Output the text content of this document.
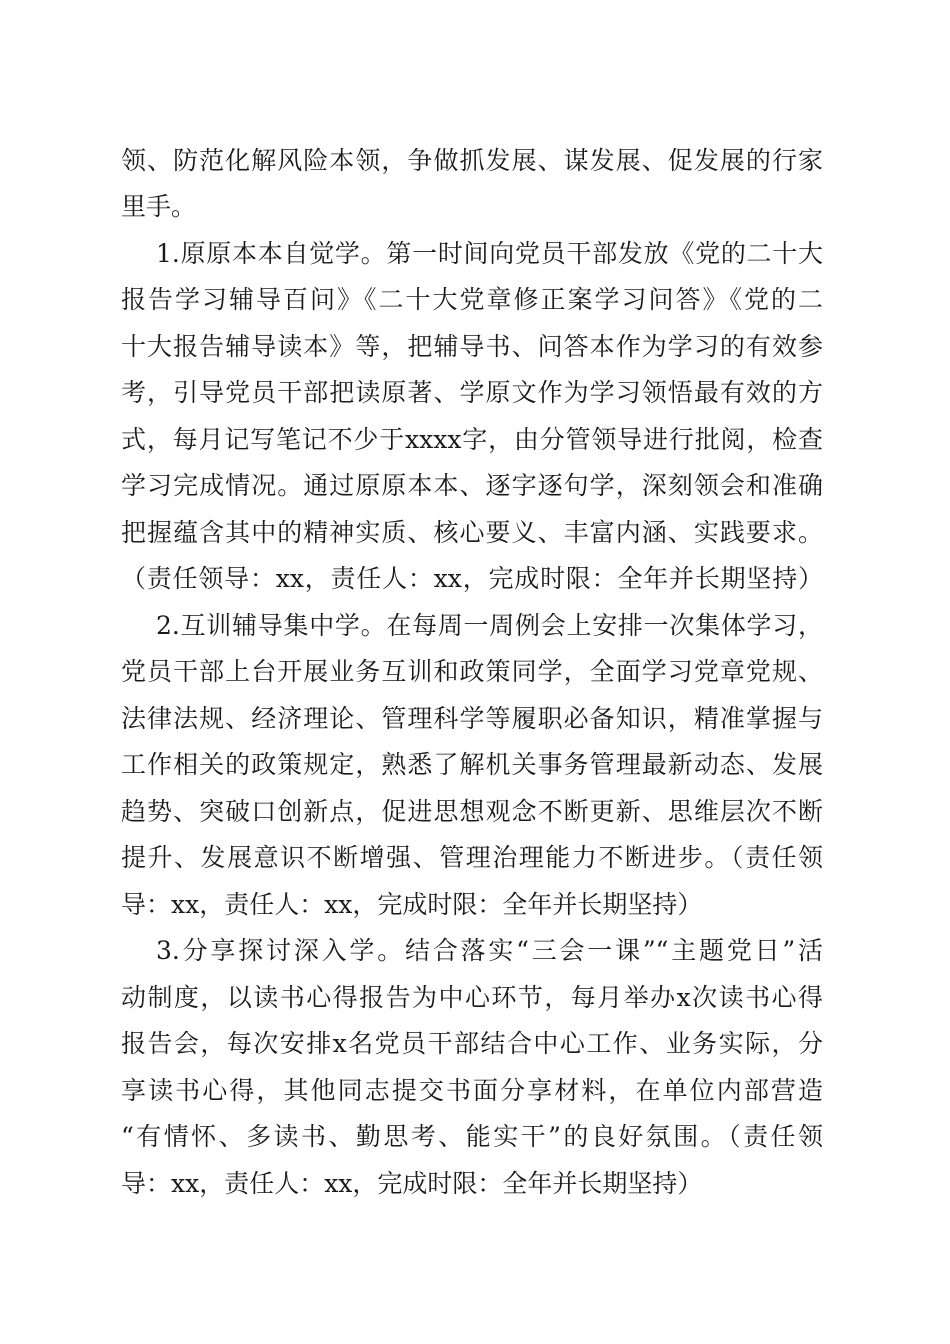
领、防范化解风险本领，争做抓发展、谋发展、促发展的行家
里手。
1.原原本本自觉学。第一时间向党员干部发放《党的二十大
报告学习辅导百问》《二十大党章修正案学习问答》《党的二
十大报告辅导读本》等，把辅导书、问答本作为学习的有效参
考，引导党员干部把读原著、学原文作为学习领悟最有效的方
式，每月记写笔记不少于xxxx字，由分管领导进行批阅，检查
学习完成情况。通过原原本本、逐字逐句学，深刻领会和准确
把握蕴含其中的精神实质、核心要义、丰富内涵、实践要求。
（责任领导：xx，责任人：xx，完成时限：全年并长期坚持）
2.互训辅导集中学。在每周一周例会上安排一次集体学习，
党员干部上台开展业务互训和政策同学，全面学习党章党规、
法律法规、经济理论、管理科学等履职必备知识，精准掌握与
工作相关的政策规定，熟悉了解机关事务管理最新动态、发展
趋势、突破口创新点，促进思想观念不断更新、思维层次不断
提升、发展意识不断增强、管理治理能力不断进步。（责任领
导：xx，责任人：xx，完成时限：全年并长期坚持）
3.分享探讨深入学。结合落实“三会一课”“主题党日”活
动制度，以读书心得报告为中心环节，每月举办x次读书心得
报告会，每次安排x名党员干部结合中心工作、业务实际，分
享读书心得，其他同志提交书面分享材料，在单位内部营造
“有情怀、多读书、勤思考、能实干”的良好氛围。（责任领
导：xx，责任人：xx，完成时限：全年并长期坚持）
